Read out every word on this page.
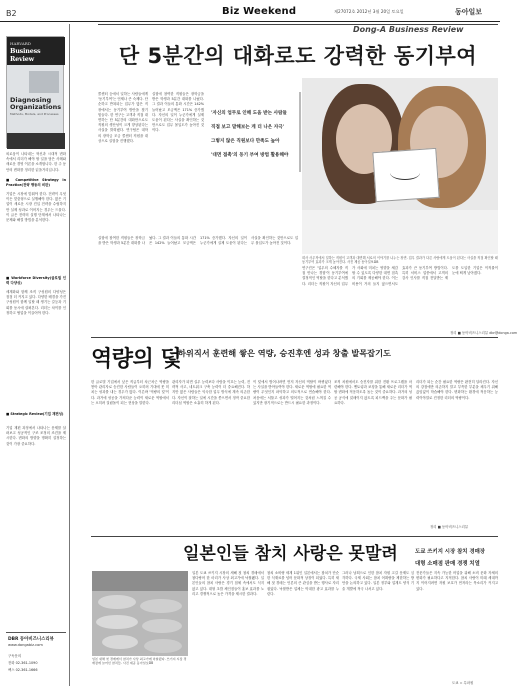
B2	Biz Weekend	제27072호 2012년 3월 20일 토요일	동아일보
HARVARD
Business Review
Diagnosing Organizations
Methods, Models, and Processes
외로움이 나타내는 혁신과 시대적 변화 속에서 리더가 해야 할 일을 담은 사례와 새로운 경영 이론을 소개합니다. 한 주 동안의 변화를 정리한 읽을거리입니다.
■ Competitive Strategy in Practice(전략 행동의 비판)
기업은 시장에 맞춰야 한다. 전략이 무엇이든 맞춤형으로 실행해야 한다. 많은 기업이 새로운 시장 진입 전략을 수립하지만 실제 성과로 이어지는 경우는 드물다. 이 글은 전략의 실행 단계에서 나타나는 문제와 해결 방법을 분석한다.
■ Workforce Diversity(글로벌 인력 다양성)
세계화와 함께 조직 구성원의 다양성은 점점 더 커지고 있다. 다양한 배경을 가진 구성원이 함께 일할 때 생기는 갈등과 기회를 동시에 살펴본다. 리더는 차이를 인정하고 협업을 이끌어야 한다.
■ Strategic Review(기업 재편성)
기업 재편 과정에서 나타나는 문제를 살펴보고 성공적인 구조 조정의 조건을 제시한다. 변화의 방향을 명확히 설정하는 것이 가장 중요하다.
DBR 동아비즈니스리뷰
www.dongabiz.com
구독문의
전화 02-361-1090
팩스 02-361-1666
Dong-A Business Review
단 5분간의 대화로도 강력한 동기부여
콜센터 등에서 일하는 사람들에게 '동기부여'는 언제나 큰 숙제다. 단순하고 반복되는 업무가 많은 직장에서는 동기부여 방안을 찾기 힘들다. 한 연구는 고객과 직접 대면하는 단 5분간의 대화만으로도 직원의 생산성이 크게 향상된다는 사실을 밝혀냈다. 연구팀은 대학의 장학금 모금 콜센터 직원을 대상으로 실험을 진행했다.
실험에 참여한 직원들은 장학금을 받은 학생과 5분간 대화를 나눴다. 그 결과 이들의 통화 시간은 142% 늘어났고 모금액은 171% 증가했다. 자신의 일이 누군가에게 실제 도움이 된다는 사실을 확인하는 것만으로도 업무 몰입도가 높아진 것이다.
'자신의 업무로 인해 도움 받는 사람들
직접 보고 말해보는 게 더 나은 자극'
그렇지 않은 직원보다 만족도 높아
'대면 접촉'의 동기 부여 방법 활용해야
실험에 참여한 직원들은 장학금을 받은 학생과 5분간 대화를 나눴다. 그 결과 이들의 통화 시간은 142% 늘어났고 모금액은 171% 증가했다. 자신의 일이 누군가에게 실제 도움이 된다는 사실을 확인하는 것만으로도 업무 몰입도가 높아진 것이다.
회사 사무직에서 일하는 직원이 고객과 대면해 서로의 이야기를 나누는 장면. 업무 결과가 다른 사람에게 도움이 된다는 사실을 직접 확인할 때 동기부여 효과가 크게 높아진다. 사진 제공 동아일보DB
연구진은 '업무의 수혜자를 직접 만나는 경험'이 동기부여에 결정적인 역할을 한다고 분석했다. 리더는 직원이 자신의 업무가 사회에 미치는 영향을 체감할 수 있도록 다양한 대면 접촉의 기회를 제공해야 한다. 이는 비용이 거의 들지 않으면서도 효과가 큰 동기부여 방법이다. 특히 서비스 업종에서 고객의 감사 인사를 직접 전달받는 제도를 도입한 기업은 이직률이 눈에 띄게 낮아졌다.
정리 ■ 동아비즈니스리뷰 dbr@donga.com
역량의 덫
하위직서 훈련해 쌓은 역량, 승진후엔 성과 창출 발목잡기도
한 글로벌 기업에서 낮은 직급부터 차근차근 역량을 쌓아 관리자로 승진한 사람들이 오히려 기대에 못 미치는 성과를 내는 경우가 많다. 이른바 '역량의 덫'이다. 과거에 성공을 가져다준 능력이 새로운 역할에서는 오히려 걸림돌이 되는 현상을 말한다.
관리자가 되면 실무 능력보다 사람을 이끄는 능력, 전략적 사고, 네트워크 구축 능력이 더 중요해진다. 하지만 많은 사람들은 익숙한 업무 방식에 계속 의존한다. 자신이 잘하는 일에 시간을 쏟으면서 정작 중요한 리더십 역할은 소홀히 하게 된다.
이 덫에서 벗어나려면 먼저 자신의 역할이 바뀌었다는 사실을 받아들여야 한다. 새로운 역할에 필요한 역량이 무엇인지 파악하고 의도적으로 연습해야 한다. 처음에는 서툴고 성과가 떨어지는 것처럼 느껴질 수 있지만 장기적으로는 반드시 필요한 과정이다.
조직 차원에서도 승진자를 위한 전환 프로그램을 마련해야 한다. 멘토링과 코칭을 통해 새로운 리더가 역할 변화에 적응하도록 돕는 것이 중요하다. 과거의 성공 공식에 얽매이지 않도록 피드백을 주는 문화가 필요하다.
리더가 되는 순간 필요한 역량은 완전히 달라진다. 자신의 강점에만 의존하지 말고 부족한 부분을 채우기 위해 끊임없이 학습해야 한다. 변화하는 환경에 적응하는 능력이야말로 진정한 리더의 역량이다.
정리 ■ 동아비즈니스리뷰
일본인들 참치 사랑은 못말려	도쿄 쓰키지 시장 참치 경매장
대형 소매점 판매 경쟁 치열
일본 새해 첫 경매에서 참치가 사상 최고가에 낙찰됐다. 쓰키지 시장 경매장에 늘어선 참치들. 사진 제공 동아일보DB
일본 도쿄 쓰키지 시장의 새해 첫 참치 경매에서 참다랑어 한 마리가 사상 최고가에 낙찰됐다. 일본인들의 참치 사랑은 경기 침체 속에서도 식지 않고 있다. 대형 초밥 체인점들이 홍보 효과를 노리고 경쟁적으로 높은 가격을 제시한 결과다.
참치 소비량 세계 1위인 일본에서는 참치가 단순한 식재료를 넘어 문화적 상징이 되었다. 특히 새해 첫 경매는 언론의 큰 관심을 받는 행사로 자리 잡았다. 낙찰받은 업체는 막대한 광고 효과를 누린다.
그러나 남획으로 인한 참치 자원 고갈 문제도 심각하다. 국제 사회는 참치 어획량을 제한하는 방안을 논의하고 있다. 일본 정부와 업계도 양식 기술 개발에 적극 나서고 있다.
전문가들은 지속 가능한 어업을 위해 소비 문화 자체의 변화가 필요하다고 지적한다. 참치 사랑이 미래 세대까지 이어지려면 자원 보호가 먼저라는 목소리가 커지고 있다.
도쿄 = 특파원
